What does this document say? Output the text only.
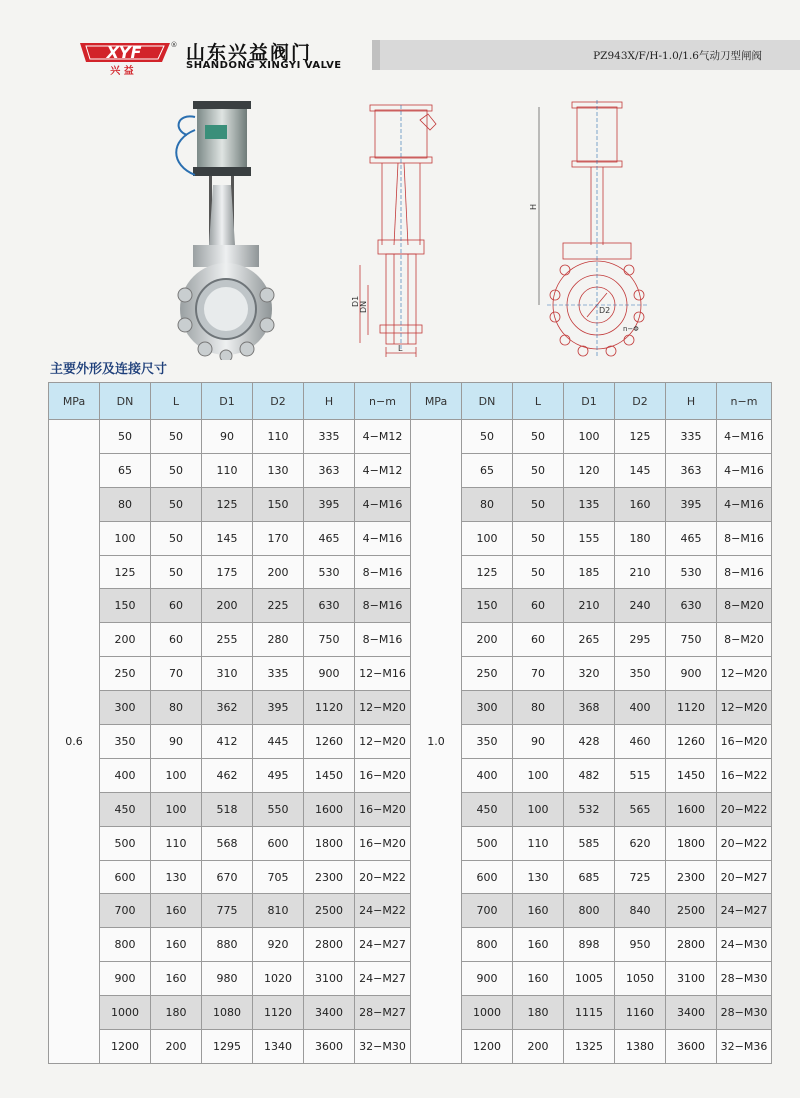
XYF
兴 益
® 山东兴益阀门
SHANDONG XINGYI VALVE
PZ943X/F/H-1.0/1.6气动刀型闸阀
D1 DN
L
H
D2
n−Φ
主要外形及连接尺寸
MPa	DN	L	D1	D2	H	n−m	MPa	DN	L	D1	D2	H	n−m
0.6	50	50	90	110	335	4−M12	1.0	50	50	100	125	335	4−M16
	65	50	110	130	363	4−M12		65	50	120	145	363	4−M16
	80	50	125	150	395	4−M16		80	50	135	160	395	4−M16
	100	50	145	170	465	4−M16		100	50	155	180	465	8−M16
	125	50	175	200	530	8−M16		125	50	185	210	530	8−M16
	150	60	200	225	630	8−M16		150	60	210	240	630	8−M20
	200	60	255	280	750	8−M16		200	60	265	295	750	8−M20
	250	70	310	335	900	12−M16		250	70	320	350	900	12−M20
	300	80	362	395	1120	12−M20		300	80	368	400	1120	12−M20
	350	90	412	445	1260	12−M20		350	90	428	460	1260	16−M20
	400	100	462	495	1450	16−M20		400	100	482	515	1450	16−M22
	450	100	518	550	1600	16−M20		450	100	532	565	1600	20−M22
	500	110	568	600	1800	16−M20		500	110	585	620	1800	20−M22
	600	130	670	705	2300	20−M22		600	130	685	725	2300	20−M27
	700	160	775	810	2500	24−M22		700	160	800	840	2500	24−M27
	800	160	880	920	2800	24−M27		800	160	898	950	2800	24−M30
	900	160	980	1020	3100	24−M27		900	160	1005	1050	3100	28−M30
	1000	180	1080	1120	3400	28−M27		1000	180	1115	1160	3400	28−M30
	1200	200	1295	1340	3600	32−M30		1200	200	1325	1380	3600	32−M36
